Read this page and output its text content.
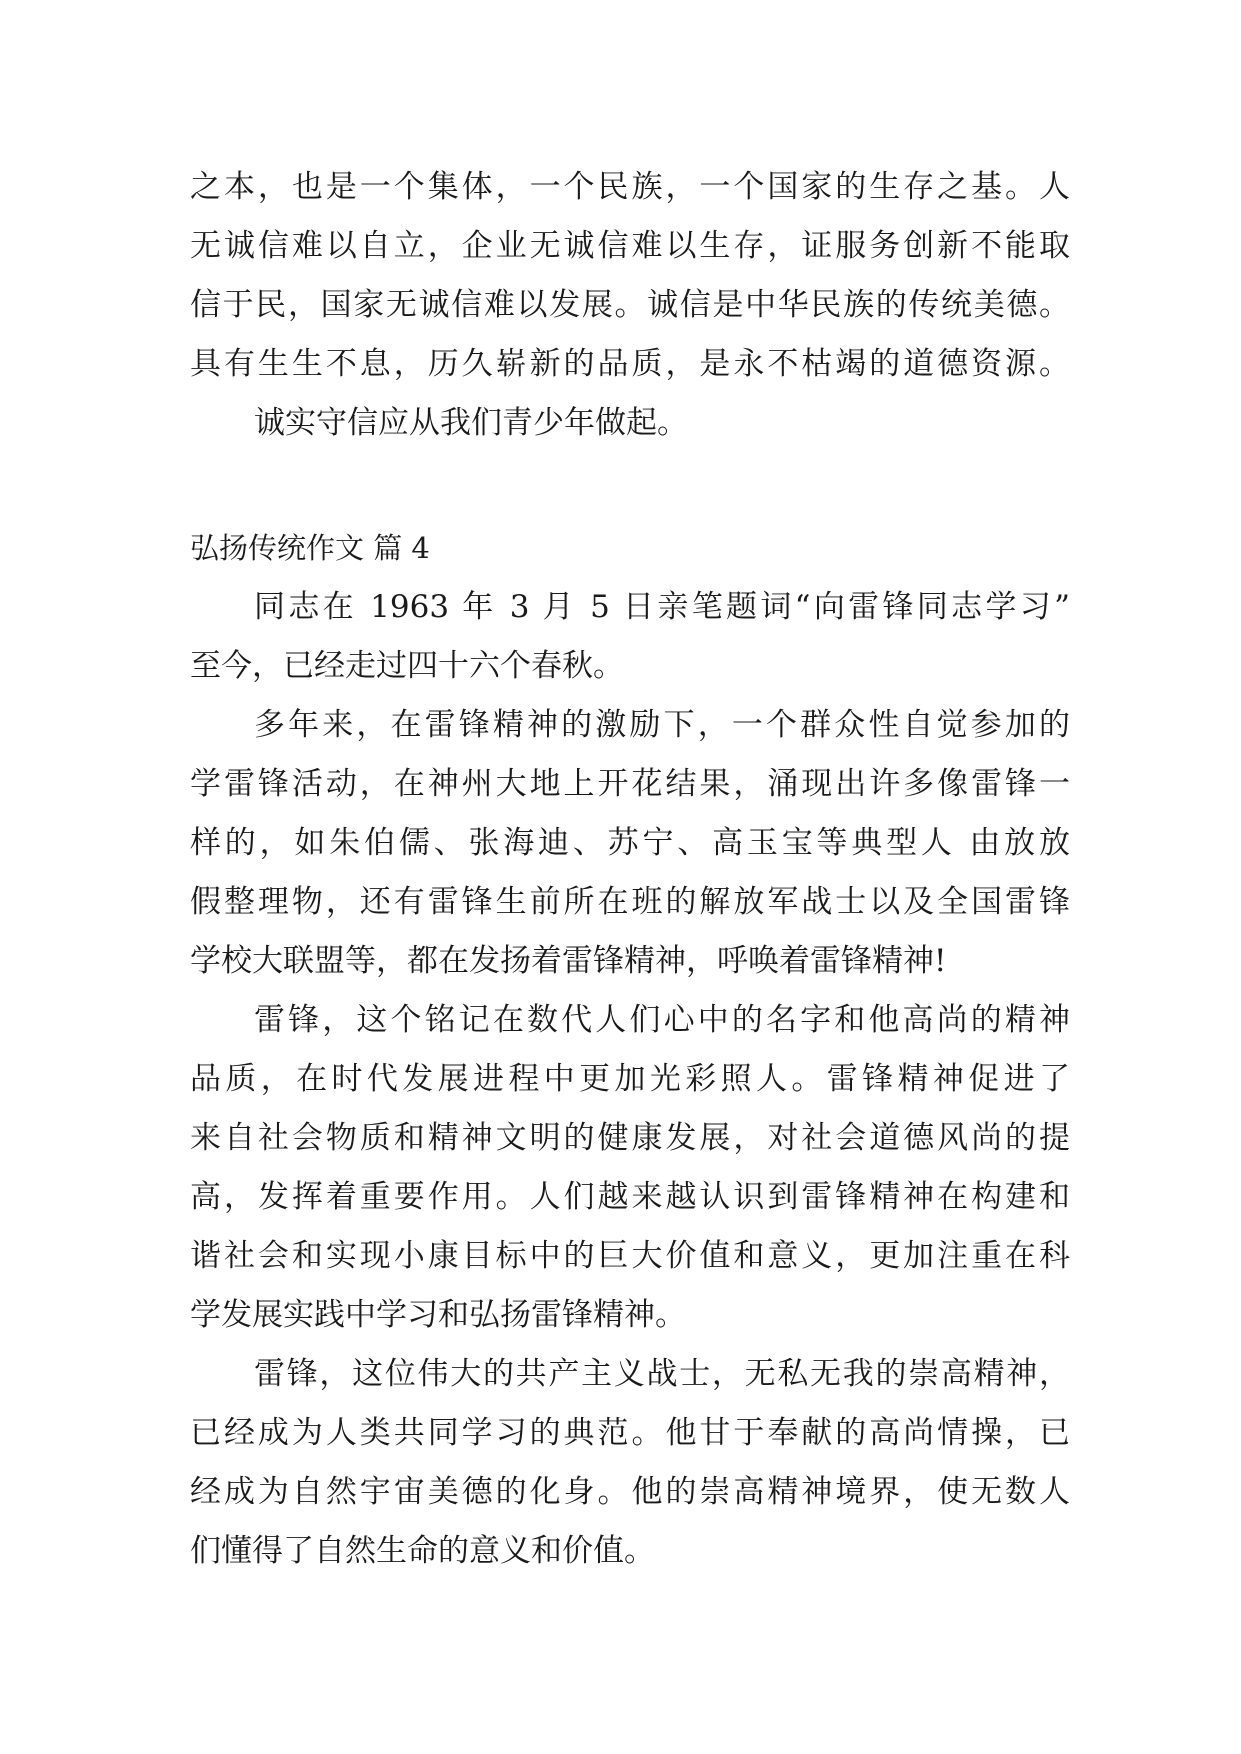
之本，也是一个集体，一个民族，一个国家的生存之基。人
无诚信难以自立，企业无诚信难以生存，证服务创新不能取
信于民，国家无诚信难以发展。诚信是中华民族的传统美德。
具有生生不息，历久崭新的品质，是永不枯竭的道德资源。
诚实守信应从我们青少年做起。
弘扬传统作文 篇 4
同志在 1963 年 3 月 5 日亲笔题词“向雷锋同志学习”
至今，已经走过四十六个春秋。
多年来，在雷锋精神的激励下，一个群众性自觉参加的
学雷锋活动，在神州大地上开花结果，涌现出许多像雷锋一
样的，如朱伯儒、张海迪、苏宁、高玉宝等典型人 由放放
假整理物，还有雷锋生前所在班的解放军战士以及全国雷锋
学校大联盟等，都在发扬着雷锋精神，呼唤着雷锋精神!
雷锋，这个铭记在数代人们心中的名字和他高尚的精神
品质，在时代发展进程中更加光彩照人。雷锋精神促进了
来自社会物质和精神文明的健康发展，对社会道德风尚的提
高，发挥着重要作用。人们越来越认识到雷锋精神在构建和
谐社会和实现小康目标中的巨大价值和意义，更加注重在科
学发展实践中学习和弘扬雷锋精神。
雷锋，这位伟大的共产主义战士，无私无我的崇高精神，
已经成为人类共同学习的典范。他甘于奉献的高尚情操，已
经成为自然宇宙美德的化身。他的崇高精神境界，使无数人
们懂得了自然生命的意义和价值。
